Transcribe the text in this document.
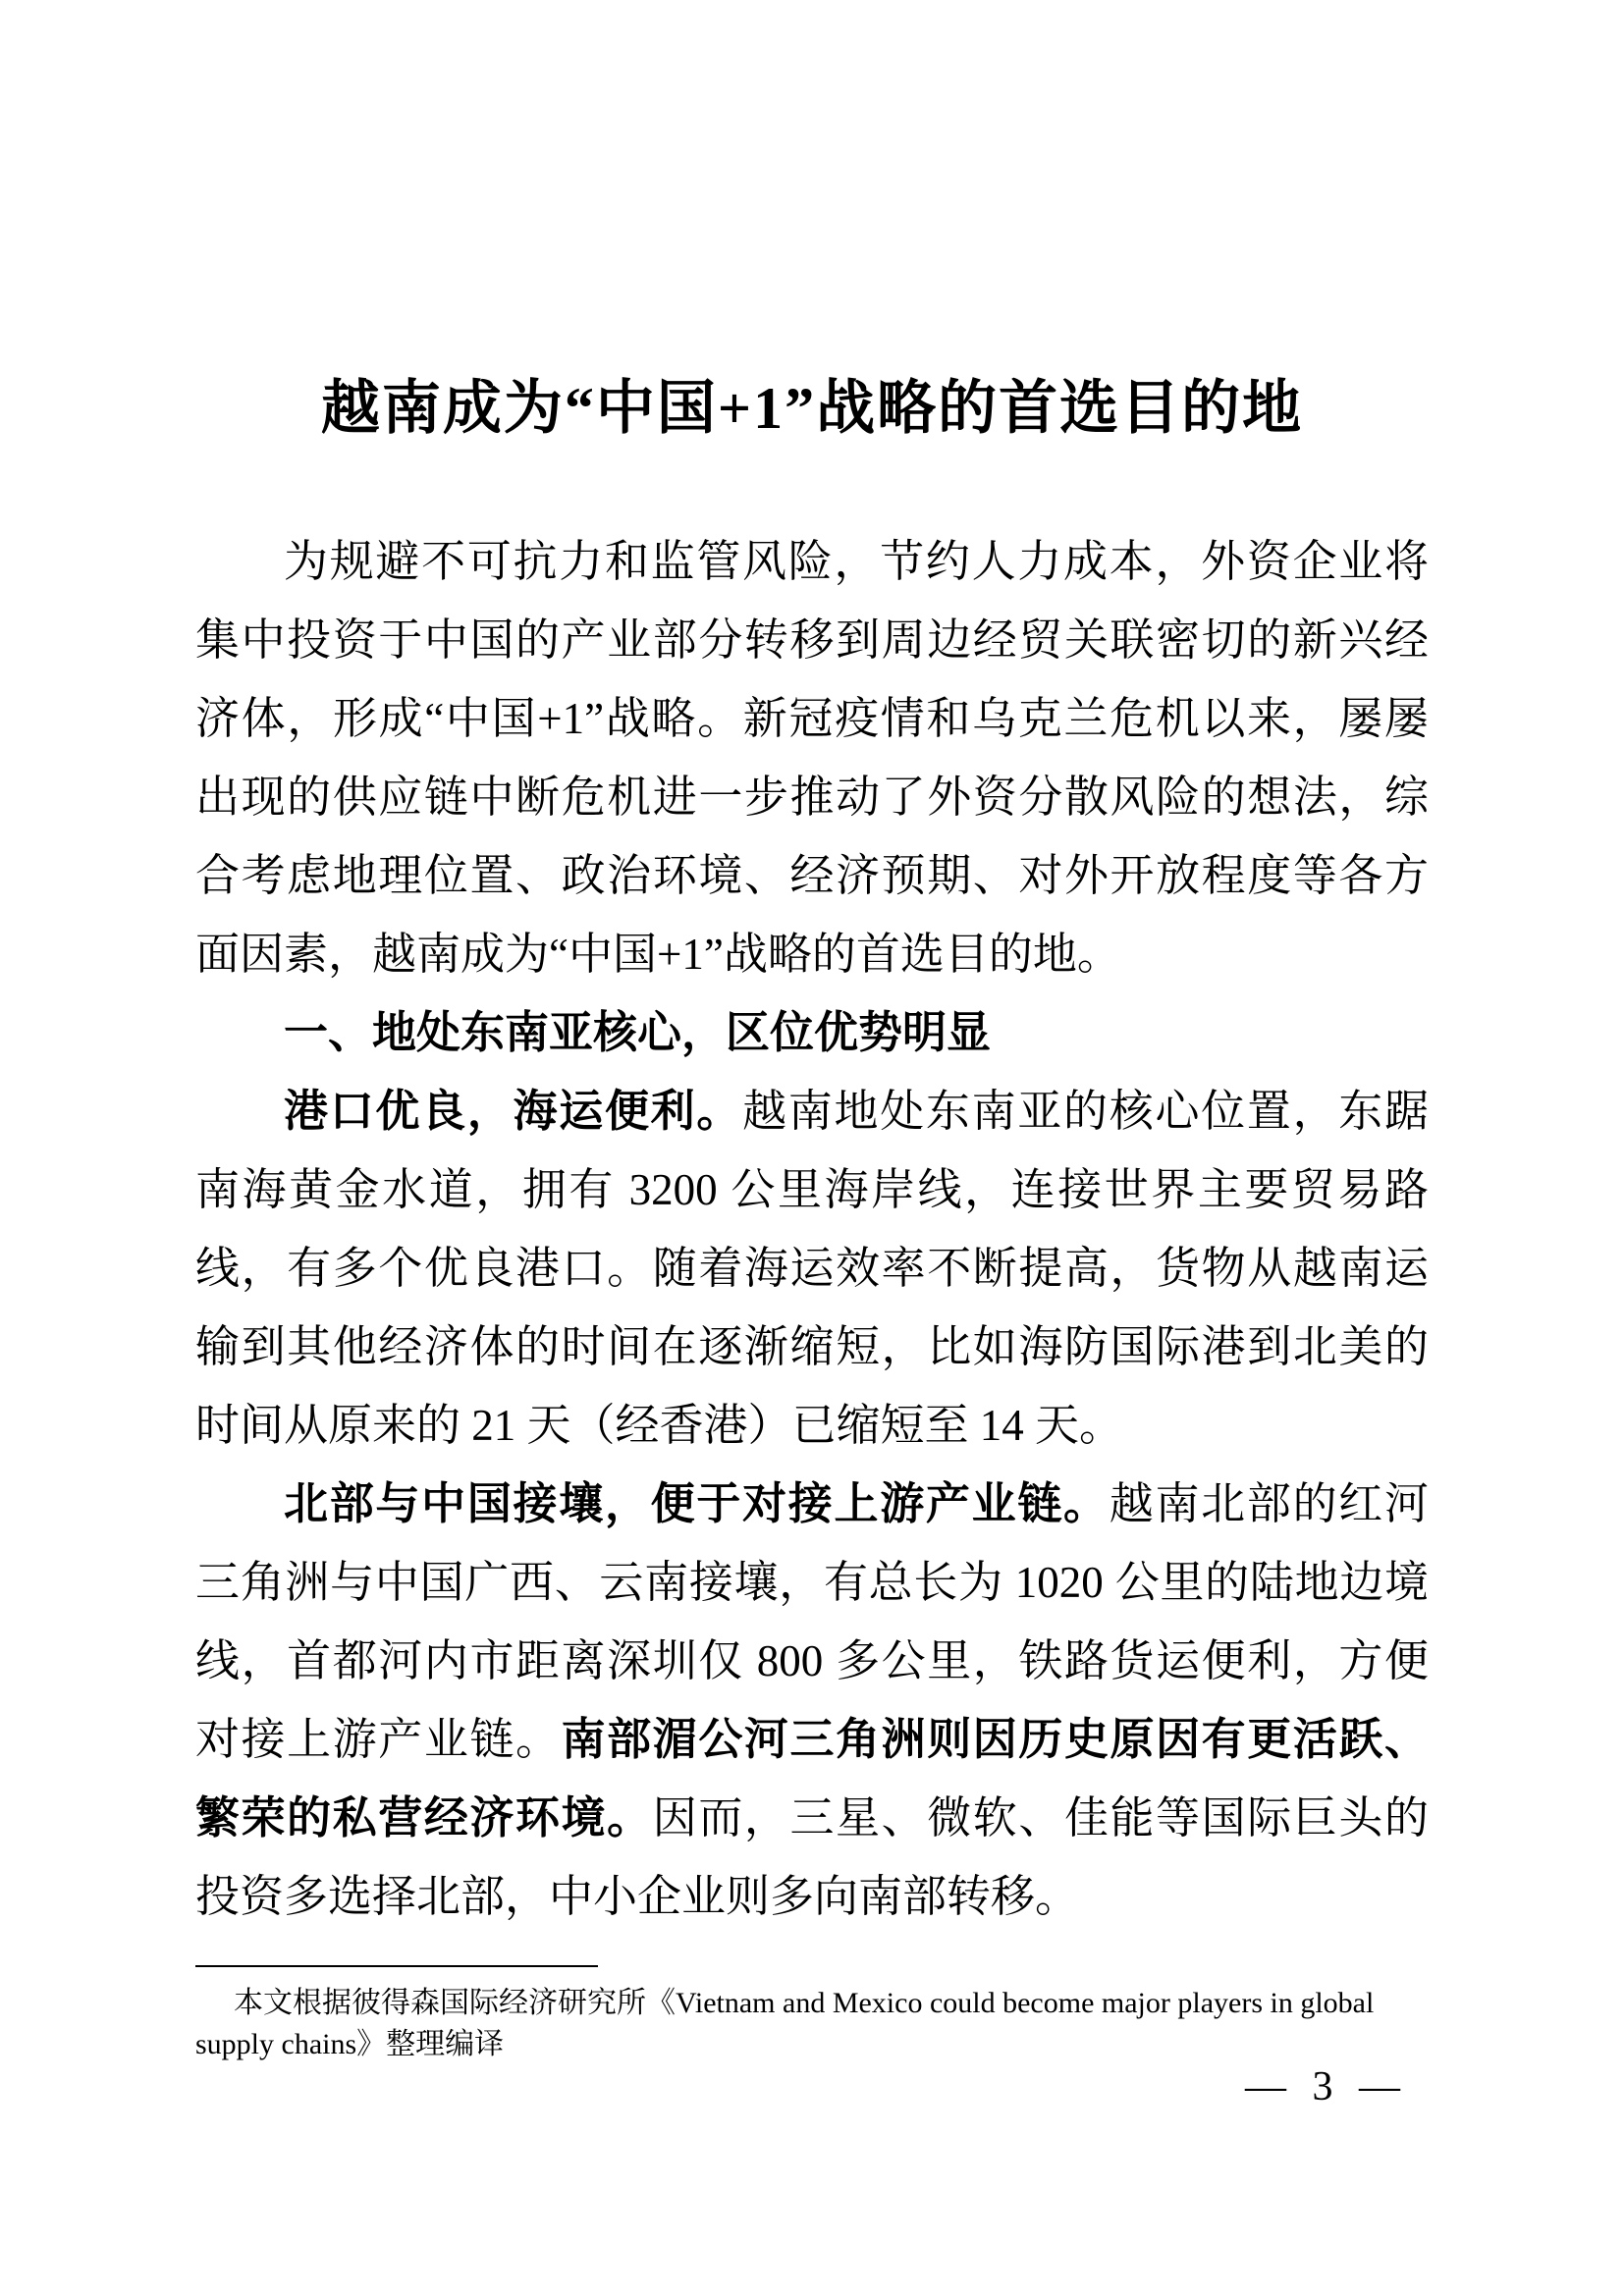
越南成为“中国+1”战略的首选目的地

为规避不可抗力和监管风险，节约人力成本，外资企业将集中投资于中国的产业部分转移到周边经贸关联密切的新兴经济体，形成“中国+1”战略。新冠疫情和乌克兰危机以来，屡屡出现的供应链中断危机进一步推动了外资分散风险的想法，综合考虑地理位置、政治环境、经济预期、对外开放程度等各方面因素，越南成为“中国+1”战略的首选目的地。

一、地处东南亚核心，区位优势明显

港口优良，海运便利。越南地处东南亚的核心位置，东踞南海黄金水道，拥有 3200 公里海岸线，连接世界主要贸易路线，有多个优良港口。随着海运效率不断提高，货物从越南运输到其他经济体的时间在逐渐缩短，比如海防国际港到北美的时间从原来的 21 天（经香港）已缩短至 14 天。

北部与中国接壤，便于对接上游产业链。越南北部的红河三角洲与中国广西、云南接壤，有总长为 1020 公里的陆地边境线，首都河内市距离深圳仅 800 多公里，铁路货运便利，方便对接上游产业链。南部湄公河三角洲则因历史原因有更活跃、繁荣的私营经济环境。因而，三星、微软、佳能等国际巨头的投资多选择北部，中小企业则多向南部转移。

本文根据彼得森国际经济研究所《Vietnam and Mexico could become major players in global supply chains》整理编译

— 3 —
